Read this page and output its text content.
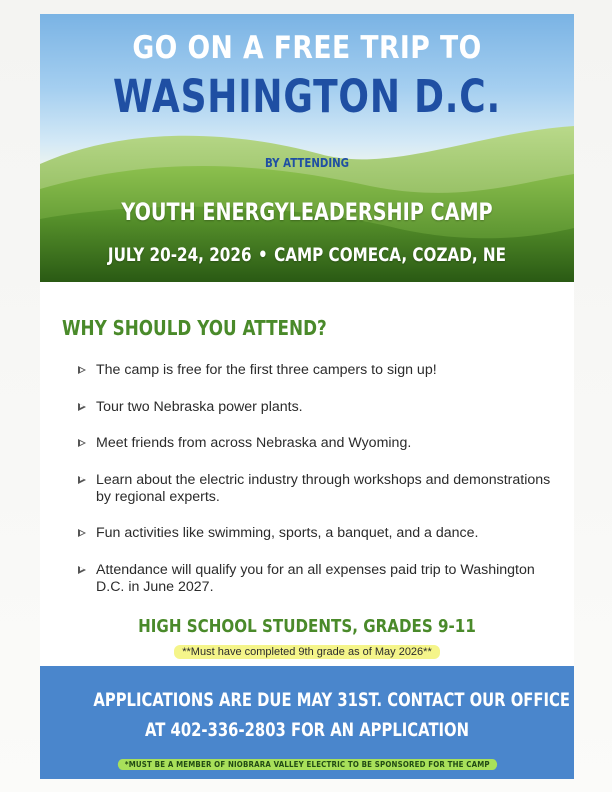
GO ON A FREE TRIP TO
WASHINGTON D.C.
BY ATTENDING
YOUTH ENERGYLEADERSHIP CAMP
JULY 20-24, 2026 • CAMP COMECA, COZAD, NE
WHY SHOULD YOU ATTEND?
The camp is free for the first three campers to sign up!
Tour two Nebraska power plants.
Meet friends from across Nebraska and Wyoming.
Learn about the electric industry through workshops and demonstrations by regional experts.
Fun activities like swimming, sports, a banquet, and a dance.
Attendance will qualify you for an all expenses paid trip to Washington D.C. in June 2027.
HIGH SCHOOL STUDENTS, GRADES 9-11
**Must have completed 9th grade as of May 2026**
APPLICATIONS ARE DUE MAY 31ST. CONTACT OUR OFFICE
AT 402-336-2803 FOR AN APPLICATION
*MUST BE A MEMBER OF NIOBRARA VALLEY ELECTRIC TO BE SPONSORED FOR THE CAMP
